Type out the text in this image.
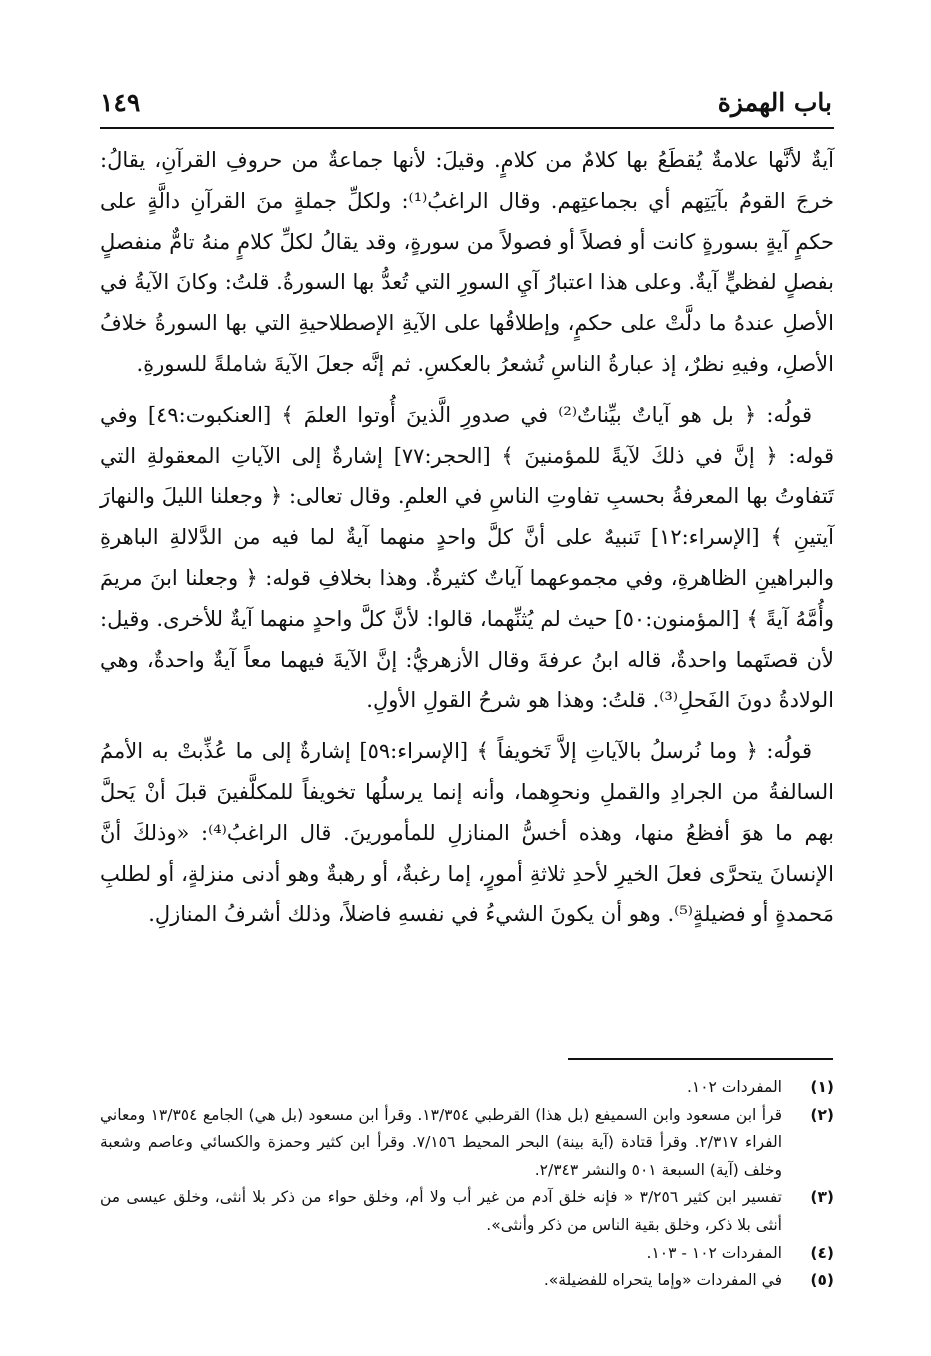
باب الهمزة
١٤٩

آيةٌ لأنَّها علامةٌ يُقطَعُ بها كلامٌ من كلامٍ. وقيلَ: لأنها جماعةٌ من حروفِ القرآنِ، يقالُ: خرجَ القومُ بآيَتِهم أي بجماعتِهم. وقال الراغبُ⁽¹⁾: ولكلِّ جملةٍ منَ القرآنِ دالَّةٍ على حكمٍ آيةٍ بسورةٍ كانت أو فصلاً أو فصولاً من سورةٍ، وقد يقالُ لكلِّ كلامٍ منهُ تامٌّ منفصلٍ بفصلٍ لفظيٍّ آيةٌ. وعلى هذا اعتبارُ آيِ السورِ التي تُعدُّ بها السورةُ. قلتُ: وكانَ الآيةُ في الأصلِ عندهُ ما دلَّتْ على حكمٍ، وإطلاقُها على الآيةِ الإصطلاحيةِ التي بها السورةُ خلافُ الأصلِ، وفيهِ نظرٌ، إذ عبارةُ الناسِ تُشعرُ بالعكسِ. ثم إنَّه جعلَ الآيةَ شاملةً للسورةِ.

قولُه: ﴿ بل هو آياتٌ بيِّناتٌ⁽²⁾ في صدورِ الَّذينَ أُوتوا العلمَ ﴾ [العنكبوت:٤٩] وفي قوله: ﴿ إنَّ في ذلكَ لآيةً للمؤمنينَ ﴾ [الحجر:٧٧] إشارةٌ إلى الآياتِ المعقولةِ التي تَتفاوتُ بها المعرفةُ بحسبِ تفاوتِ الناسِ في العلمِ. وقال تعالى: ﴿ وجعلنا الليلَ والنهارَ آيتينِ ﴾ [الإسراء:١٢] تَنبيهٌ على أنَّ كلَّ واحدٍ منهما آيةٌ لما فيه من الدَّلالةِ الباهرةِ والبراهينِ الظاهرةِ، وفي مجموعهما آياتٌ كثيرةٌ. وهذا بخلافِ قوله: ﴿ وجعلنا ابنَ مريمَ وأُمَّهُ آيةً ﴾ [المؤمنون:٥٠] حيث لم يُثنِّهما، قالوا: لأنَّ كلَّ واحدٍ منهما آيةٌ للأخرى. وقيل: لأن قصتَهما واحدةٌ، قاله ابنُ عرفةَ وقال الأزهريُّ: إنَّ الآيةَ فيهما معاً آيةٌ واحدةٌ، وهي الولادةُ دونَ الفَحلِ⁽³⁾. قلتُ: وهذا هو شرحُ القولِ الأولِ.

قولُه: ﴿ وما نُرسلُ بالآياتِ إلاَّ تَخويفاً ﴾ [الإسراء:٥٩] إشارةٌ إلى ما عُذِّبتْ به الأممُ السالفةُ من الجرادِ والقملِ ونحوِهما، وأنه إنما يرسلُها تخويفاً للمكلَّفينَ قبلَ أنْ يَحلَّ بهم ما هوَ أفظعُ منها، وهذه أخسُّ المنازلِ للمأمورينَ. قال الراغبُ⁽⁴⁾: «وذلكَ أنَّ الإنسانَ يتحرَّى فعلَ الخيرِ لأحدِ ثلاثةِ أمورٍ، إما رغبةٌ، أو رهبةٌ وهو أدنى منزلةٍ، أو لطلبِ مَحمدةٍ أو فضيلةٍ⁽⁵⁾. وهو أن يكونَ الشيءُ في نفسهِ فاضلاً، وذلك أشرفُ المنازلِ.

(١)
المفردات ١٠٢.

(٢)
قرأ ابن مسعود وابن السميفع (بل هذا) القرطبي ١٣/٣٥٤. وقرأ ابن مسعود (بل هي) الجامع ١٣/٣٥٤ ومعاني الفراء ٢/٣١٧. وقرأ قتادة (آية بينة) البحر المحيط ٧/١٥٦. وقرأ ابن كثير وحمزة والكسائي وعاصم وشعبة وخلف (آية) السبعة ٥٠١ والنشر ٢/٣٤٣.

(٣)
تفسير ابن كثير ٣/٢٥٦ « فإنه خلق آدم من غير أب ولا أم، وخلق حواء من ذكر بلا أنثى، وخلق عيسى من أنثى بلا ذكر، وخلق بقية الناس من ذكر وأنثى».

(٤)
المفردات ١٠٢ - ١٠٣.

(٥)
في المفردات «وإما يتحراه للفضيلة».
